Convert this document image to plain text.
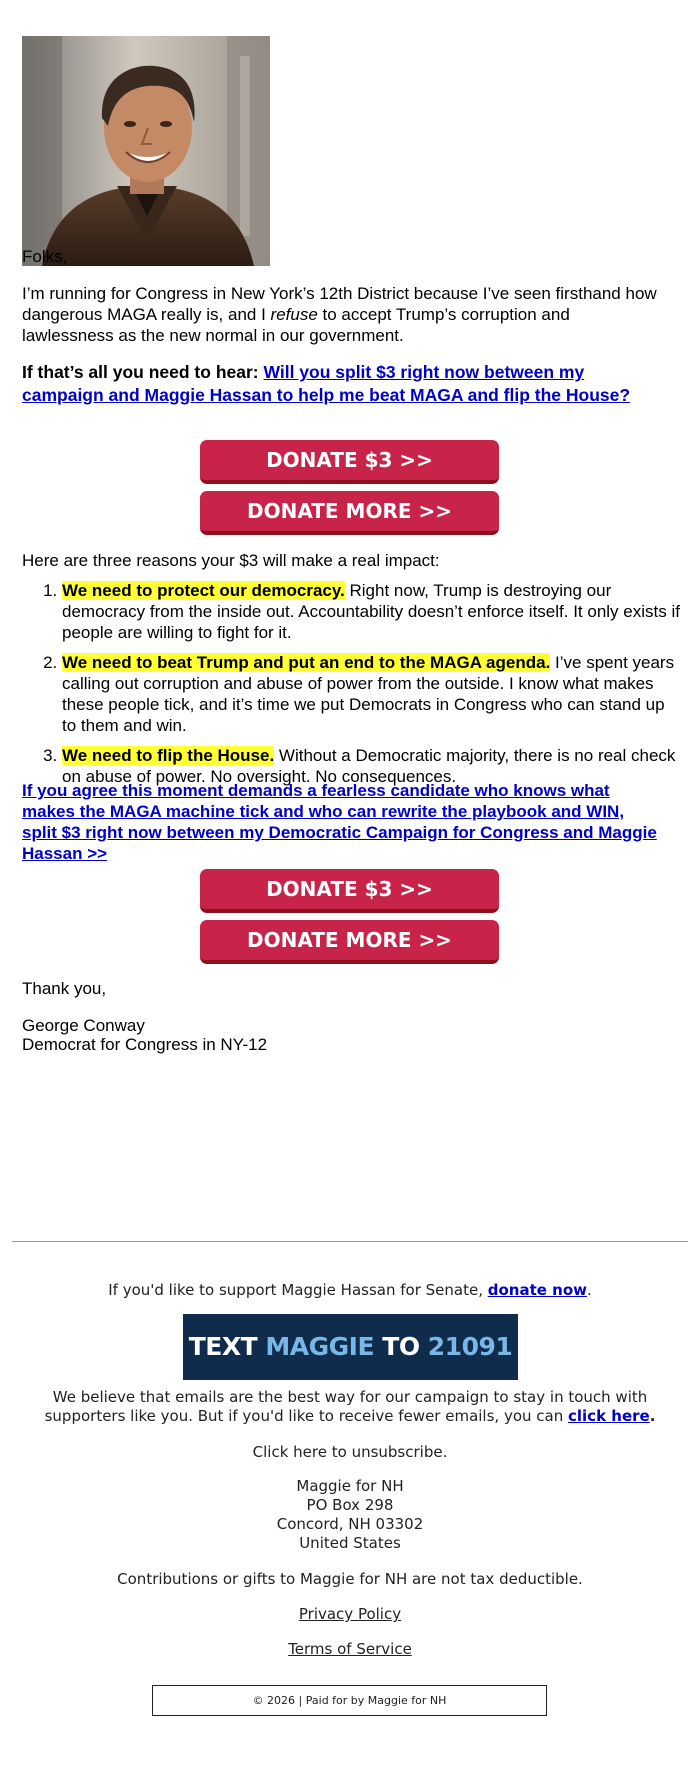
Folks,
I’m running for Congress in New York’s 12th District because I’ve seen firsthand how dangerous MAGA really is, and I refuse to accept Trump’s corruption and lawlessness as the new normal in our government.
If that’s all you need to hear: Will you split $3 right now between my campaign and Maggie Hassan to help me beat MAGA and flip the House?
DONATE $3 >>
DONATE MORE >>
Here are three reasons your $3 will make a real impact:
1. We need to protect our democracy. Right now, Trump is destroying our democracy from the inside out. Accountability doesn’t enforce itself. It only exists if people are willing to fight for it.
2. We need to beat Trump and put an end to the MAGA agenda. I’ve spent years calling out corruption and abuse of power from the outside. I know what makes these people tick, and it’s time we put Democrats in Congress who can stand up to them and win.
3. We need to flip the House. Without a Democratic majority, there is no real check on abuse of power. No oversight. No consequences.
If you agree this moment demands a fearless candidate who knows what makes the MAGA machine tick and who can rewrite the playbook and WIN, split $3 right now between my Democratic Campaign for Congress and Maggie Hassan >>
DONATE $3 >>
DONATE MORE >>
Thank you,
George Conway
Democrat for Congress in NY-12
If you'd like to support Maggie Hassan for Senate, donate now.
TEXT MAGGIE TO 21091
We believe that emails are the best way for our campaign to stay in touch with supporters like you. But if you'd like to receive fewer emails, you can click here.
Click here to unsubscribe.
Maggie for NH
PO Box 298
Concord, NH 03302
United States
Contributions or gifts to Maggie for NH are not tax deductible.
Privacy Policy
Terms of Service
© 2026 | Paid for by Maggie for NH
